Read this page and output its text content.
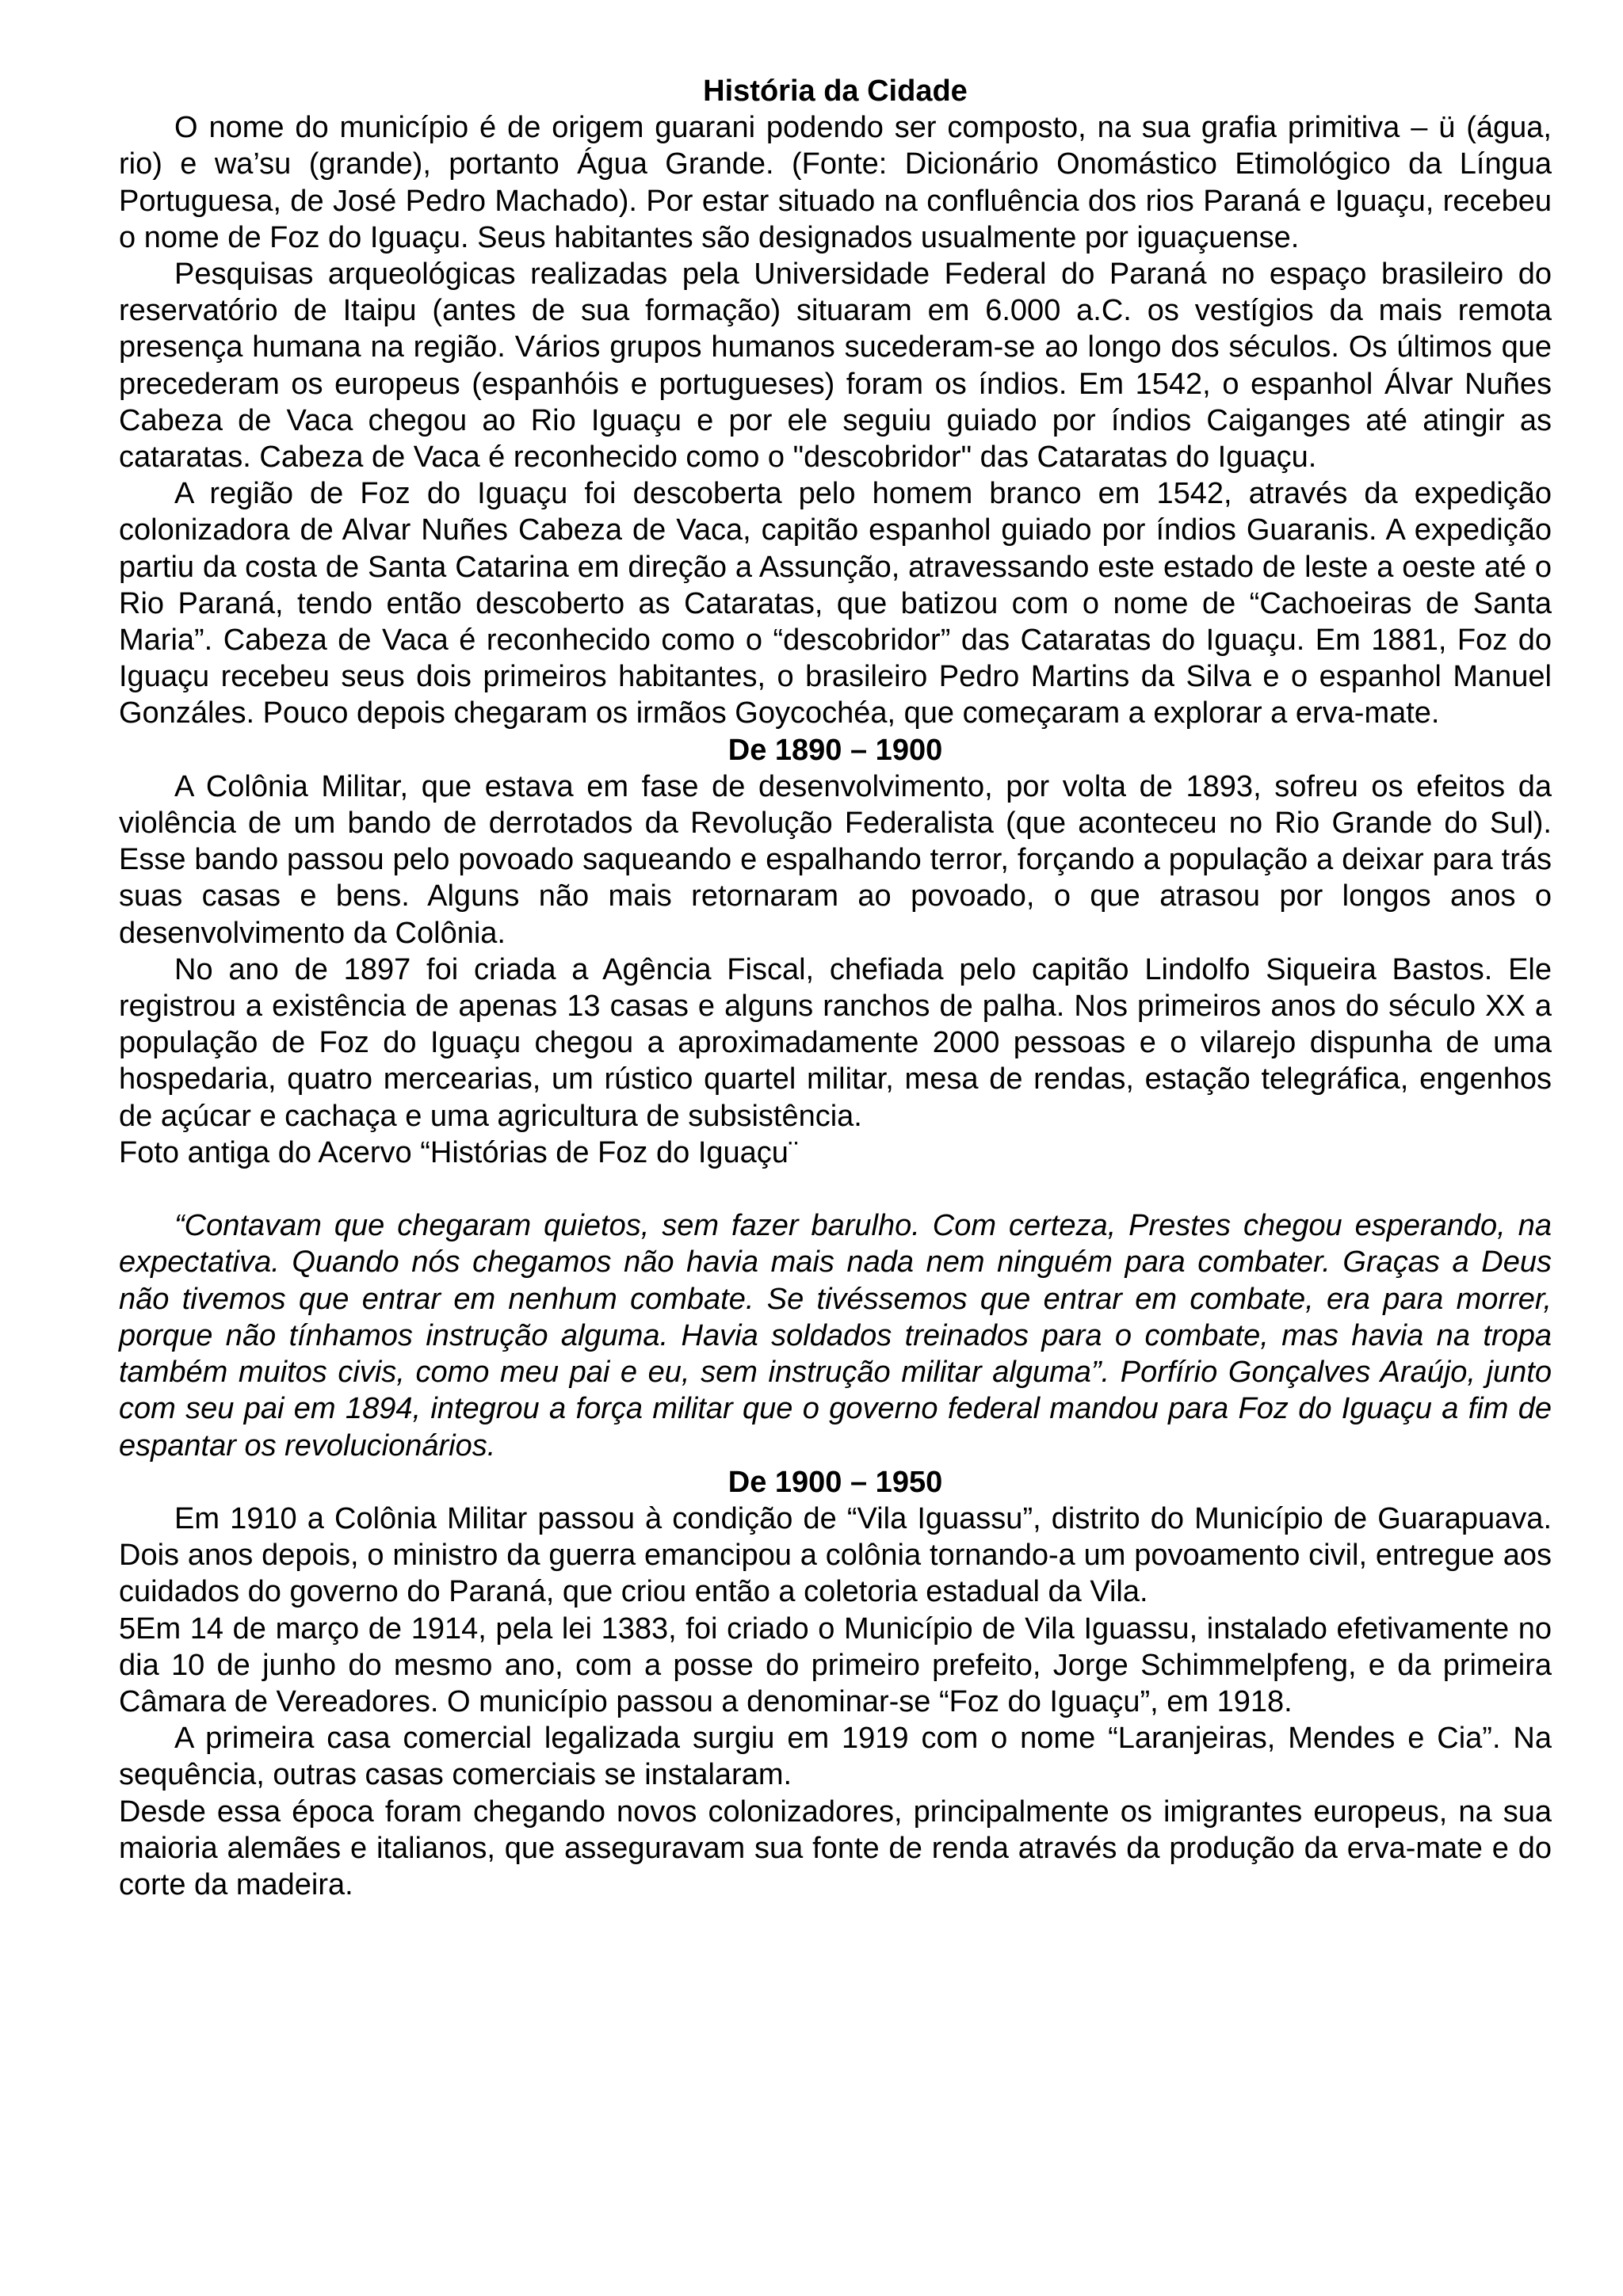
História da Cidade

O nome do município é de origem guarani podendo ser composto, na sua grafia primitiva – ü (água, rio) e wa’su (grande), portanto Água Grande. (Fonte: Dicionário Onomástico Etimológico da Língua Portuguesa, de José Pedro Machado). Por estar situado na confluência dos rios Paraná e Iguaçu, recebeu o nome de Foz do Iguaçu. Seus habitantes são designados usualmente por iguaçuense.

Pesquisas arqueológicas realizadas pela Universidade Federal do Paraná no espaço brasileiro do reservatório de Itaipu (antes de sua formação) situaram em 6.000 a.C. os vestígios da mais remota presença humana na região. Vários grupos humanos sucederam-se ao longo dos séculos. Os últimos que precederam os europeus (espanhóis e portugueses) foram os índios. Em 1542, o espanhol Álvar Nuñes Cabeza de Vaca chegou ao Rio Iguaçu e por ele seguiu guiado por índios Caiganges até atingir as cataratas. Cabeza de Vaca é reconhecido como o "descobridor" das Cataratas do Iguaçu.

A região de Foz do Iguaçu foi descoberta pelo homem branco em 1542, através da expedição colonizadora de Alvar Nuñes Cabeza de Vaca, capitão espanhol guiado por índios Guaranis. A expedição partiu da costa de Santa Catarina em direção a Assunção, atravessando este estado de leste a oeste até o Rio Paraná, tendo então descoberto as Cataratas, que batizou com o nome de “Cachoeiras de Santa Maria”. Cabeza de Vaca é reconhecido como o “descobridor” das Cataratas do Iguaçu. Em 1881, Foz do Iguaçu recebeu seus dois primeiros habitantes, o brasileiro Pedro Martins da Silva e o espanhol Manuel Gonzáles. Pouco depois chegaram os irmãos Goycochéa, que começaram a explorar a erva-mate.

De 1890 – 1900

A Colônia Militar, que estava em fase de desenvolvimento, por volta de 1893, sofreu os efeitos da violência de um bando de derrotados da Revolução Federalista (que aconteceu no Rio Grande do Sul). Esse bando passou pelo povoado saqueando e espalhando terror, forçando a população a deixar para trás suas casas e bens. Alguns não mais retornaram ao povoado, o que atrasou por longos anos o desenvolvimento da Colônia.

No ano de 1897 foi criada a Agência Fiscal, chefiada pelo capitão Lindolfo Siqueira Bastos. Ele registrou a existência de apenas 13 casas e alguns ranchos de palha. Nos primeiros anos do século XX a população de Foz do Iguaçu chegou a aproximadamente 2000 pessoas e o vilarejo dispunha de uma hospedaria, quatro mercearias, um rústico quartel militar, mesa de rendas, estação telegráfica, engenhos de açúcar e cachaça e uma agricultura de subsistência.

Foto antiga do Acervo “Histórias de Foz do Iguaçu¨

“Contavam que chegaram quietos, sem fazer barulho. Com certeza, Prestes chegou esperando, na expectativa. Quando nós chegamos não havia mais nada nem ninguém para combater. Graças a Deus não tivemos que entrar em nenhum combate. Se tivéssemos que entrar em combate, era para morrer, porque não tínhamos instrução alguma. Havia soldados treinados para o combate, mas havia na tropa também muitos civis, como meu pai e eu, sem instrução militar alguma”. Porfírio Gonçalves Araújo, junto com seu pai em 1894, integrou a força militar que o governo federal mandou para Foz do Iguaçu a fim de espantar os revolucionários.

De 1900 – 1950

Em 1910 a Colônia Militar passou à condição de “Vila Iguassu”, distrito do Município de Guarapuava. Dois anos depois, o ministro da guerra emancipou a colônia tornando-a um povoamento civil, entregue aos cuidados do governo do Paraná, que criou então a coletoria estadual da Vila.

5Em 14 de março de 1914, pela lei 1383, foi criado o Município de Vila Iguassu, instalado efetivamente no dia 10 de junho do mesmo ano, com a posse do primeiro prefeito, Jorge Schimmelpfeng, e da primeira Câmara de Vereadores. O município passou a denominar-se “Foz do Iguaçu”, em 1918.

A primeira casa comercial legalizada surgiu em 1919 com o nome “Laranjeiras, Mendes e Cia”. Na sequência, outras casas comerciais se instalaram.

Desde essa época foram chegando novos colonizadores, principalmente os imigrantes europeus, na sua maioria alemães e italianos, que asseguravam sua fonte de renda através da produção da erva-mate e do corte da madeira.
